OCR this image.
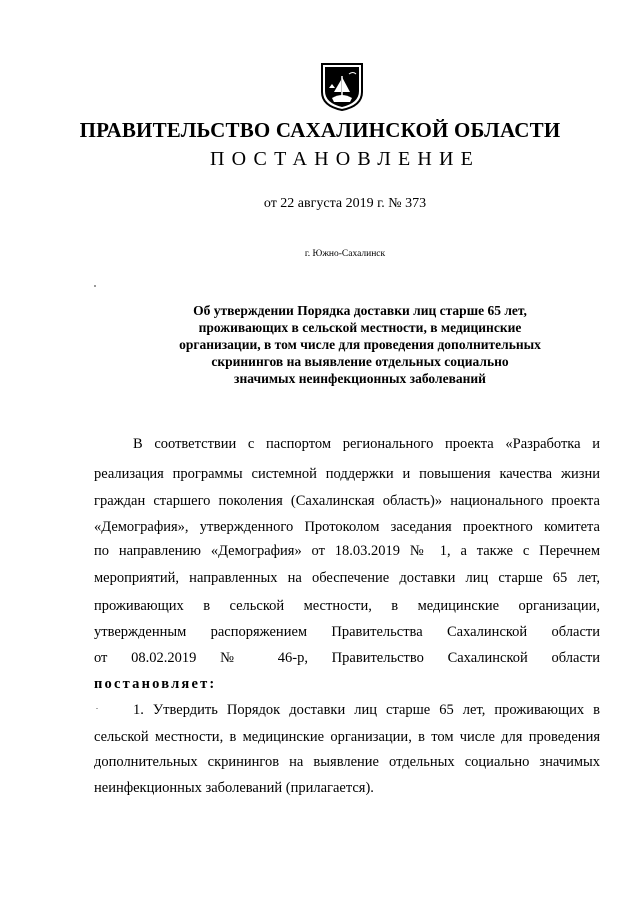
ПРАВИТЕЛЬСТВО САХАЛИНСКОЙ ОБЛАСТИ
ПОСТАНОВЛЕНИЕ
от 22 августа 2019 г. № 373
г. Южно-Сахалинск
Об утверждении Порядка доставки лиц старше 65 лет,
проживающих в сельской местности, в медицинские
организации, в том числе для проведения дополнительных
скринингов на выявление отдельных социально
значимых неинфекционных заболеваний
В соответствии с паспортом регионального проекта «Разработка и
реализация программы системной поддержки и повышения качества жизни
граждан старшего поколения (Сахалинская область)» национального проекта
«Демография», утвержденного Протоколом заседания проектного комитета
по направлению «Демография» от 18.03.2019 № 1, а также с Перечнем
мероприятий, направленных на обеспечение доставки лиц старше 65 лет,
проживающих в сельской местности, в медицинские организации,
утвержденным распоряжением Правительства Сахалинской области
от 08.02.2019 № 46-р, Правительство Сахалинской области
постановляет:
1. Утвердить Порядок доставки лиц старше 65 лет, проживающих в
сельской местности, в медицинские организации, в том числе для проведения
дополнительных скринингов на выявление отдельных социально значимых
неинфекционных заболеваний (прилагается).
